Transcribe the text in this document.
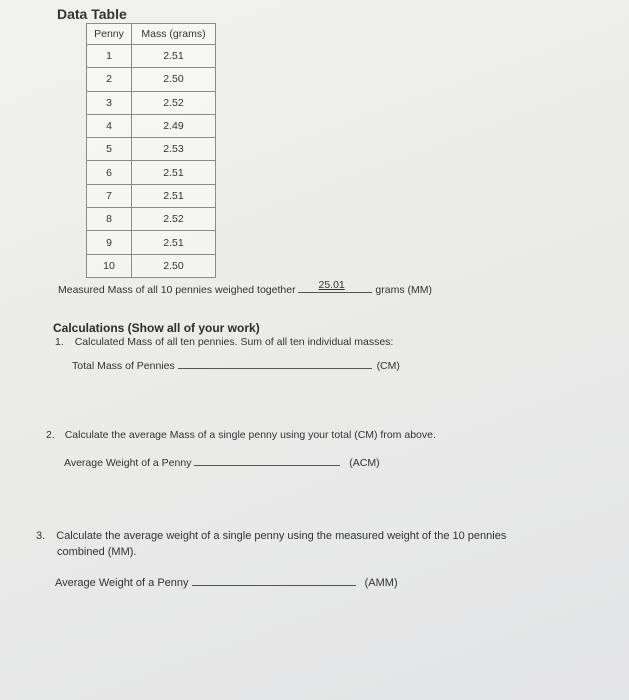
Data Table
Penny	Mass (grams)
1	2.51
2	2.50
3	2.52
4	2.49
5	2.53
6	2.51
7	2.51
8	2.52
9	2.51
10	2.50
Measured Mass of all 10 pennies weighed together 25.01	grams (MM)
Calculations (Show all of your work)
1. Calculated Mass of all ten pennies. Sum of all ten individual masses:
Total Mass of Pennies	(CM)
2. Calculate the average Mass of a single penny using your total (CM) from above.
Average Weight of a Penny	(ACM)
3. Calculate the average weight of a single penny using the measured weight of the 10 pennies
combined (MM).
Average Weight of a Penny	(AMM)
